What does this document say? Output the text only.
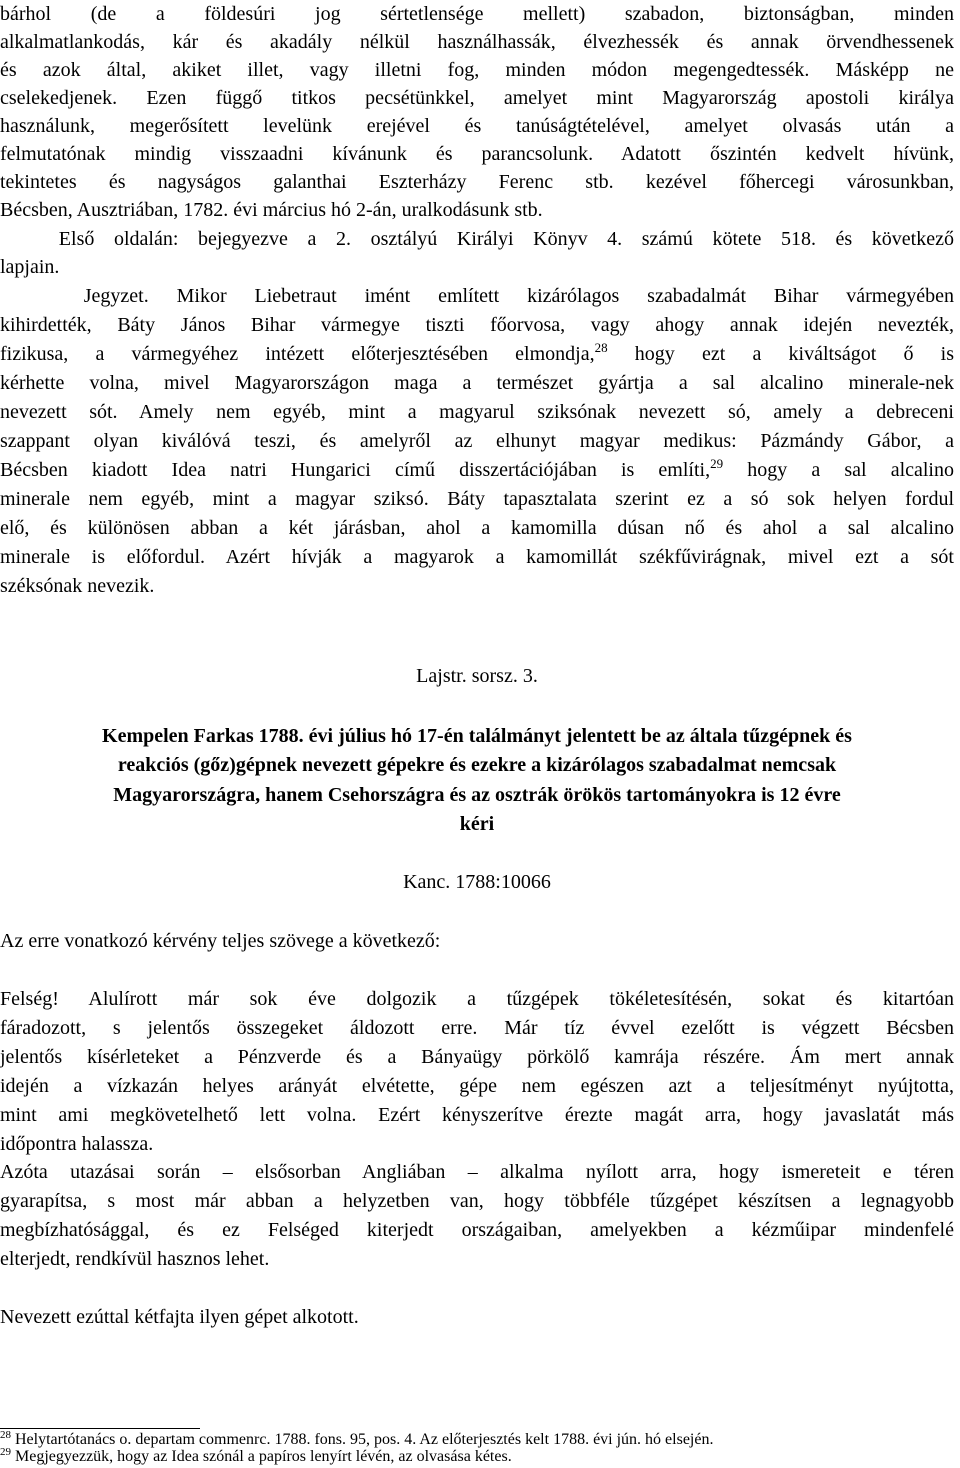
bárhol (de a földesúri jog sértetlensége mellett) szabadon, biztonságban, minden
alkalmatlankodás, kár és akadály nélkül használhassák, élvezhessék és annak örvendhessenek
és azok által, akiket illet, vagy illetni fog, minden módon megengedtessék. Másképp ne
cselekedjenek. Ezen függő titkos pecsétünkkel, amelyet mint Magyarország apostoli királya
használunk, megerősített levelünk erejével és tanúságtételével, amelyet olvasás után a
felmutatónak mindig visszaadni kívánunk és parancsolunk. Adatott őszintén kedvelt hívünk,
tekintetes és nagyságos galanthai Eszterházy Ferenc stb. kezével főhercegi városunkban,
Bécsben, Ausztriában, 1782. évi március hó 2-án, uralkodásunk stb.
Első oldalán: bejegyezve a 2. osztályú Királyi Könyv 4. számú kötete 518. és következő
lapjain.
Jegyzet. Mikor Liebetraut imént említett kizárólagos szabadalmát Bihar vármegyében
kihirdették, Báty János Bihar vármegye tiszti főorvosa, vagy ahogy annak idején nevezték,
fizikusa, a vármegyéhez intézett előterjesztésében elmondja,$^{28}$ hogy ezt a kiváltságot ő is
kérhette volna, mivel Magyarországon maga a természet gyártja a sal alcalino minerale-nek
nevezett sót. Amely nem egyéb, mint a magyarul sziksónak nevezett só, amely a debreceni
szappant olyan kiválóvá teszi, és amelyről az elhunyt magyar medikus: Pázmándy Gábor, a
Bécsben kiadott Idea natri Hungarici című disszertációjában is említi,$^{29}$ hogy a sal alcalino
minerale nem egyéb, mint a magyar sziksó. Báty tapasztalata szerint ez a só sok helyen fordul
elő, és különösen abban a két járásban, ahol a kamomilla dúsan nő és ahol a sal alcalino
minerale is előfordul. Azért hívják a magyarok a kamomillát székfűvirágnak, mivel ezt a sót
széksónak nevezik.
Lajstr. sorsz. 3.
Kempelen Farkas 1788. évi július hó 17-én találmányt jelentett be az általa tűzgépnek és
reakciós (gőz)gépnek nevezett gépekre és ezekre a kizárólagos szabadalmat nemcsak
Magyarországra, hanem Csehországra és az osztrák örökös tartományokra is 12 évre
kéri
Kanc. 1788:10066
Az erre vonatkozó kérvény teljes szövege a következő:
Felség! Alulírott már sok éve dolgozik a tűzgépek tökéletesítésén, sokat és kitartóan
fáradozott, s jelentős összegeket áldozott erre. Már tíz évvel ezelőtt is végzett Bécsben
jelentős kísérleteket a Pénzverde és a Bányaügy pörkölő kamrája részére. Ám mert annak
idején a vízkazán helyes arányát elvétette, gépe nem egészen azt a teljesítményt nyújtotta,
mint ami megkövetelhető lett volna. Ezért kényszerítve érezte magát arra, hogy javaslatát más
időpontra halassza.
Azóta utazásai során – elsősorban Angliában – alkalma nyílott arra, hogy ismereteit e téren
gyarapítsa, s most már abban a helyzetben van, hogy többféle tűzgépet készítsen a legnagyobb
megbízhatósággal, és ez Felséged kiterjedt országaiban, amelyekben a kézműipar mindenfelé
elterjedt, rendkívül hasznos lehet.
Nevezett ezúttal kétfajta ilyen gépet alkotott.
$^{28}$ Helytartótanács o. departam commenrc. 1788. fons. 95, pos. 4. Az előterjesztés kelt 1788. évi jún. hó elsején.
$^{29}$ Megjegyezzük, hogy az Idea szónál a papíros lenyírt lévén, az olvasása kétes.
